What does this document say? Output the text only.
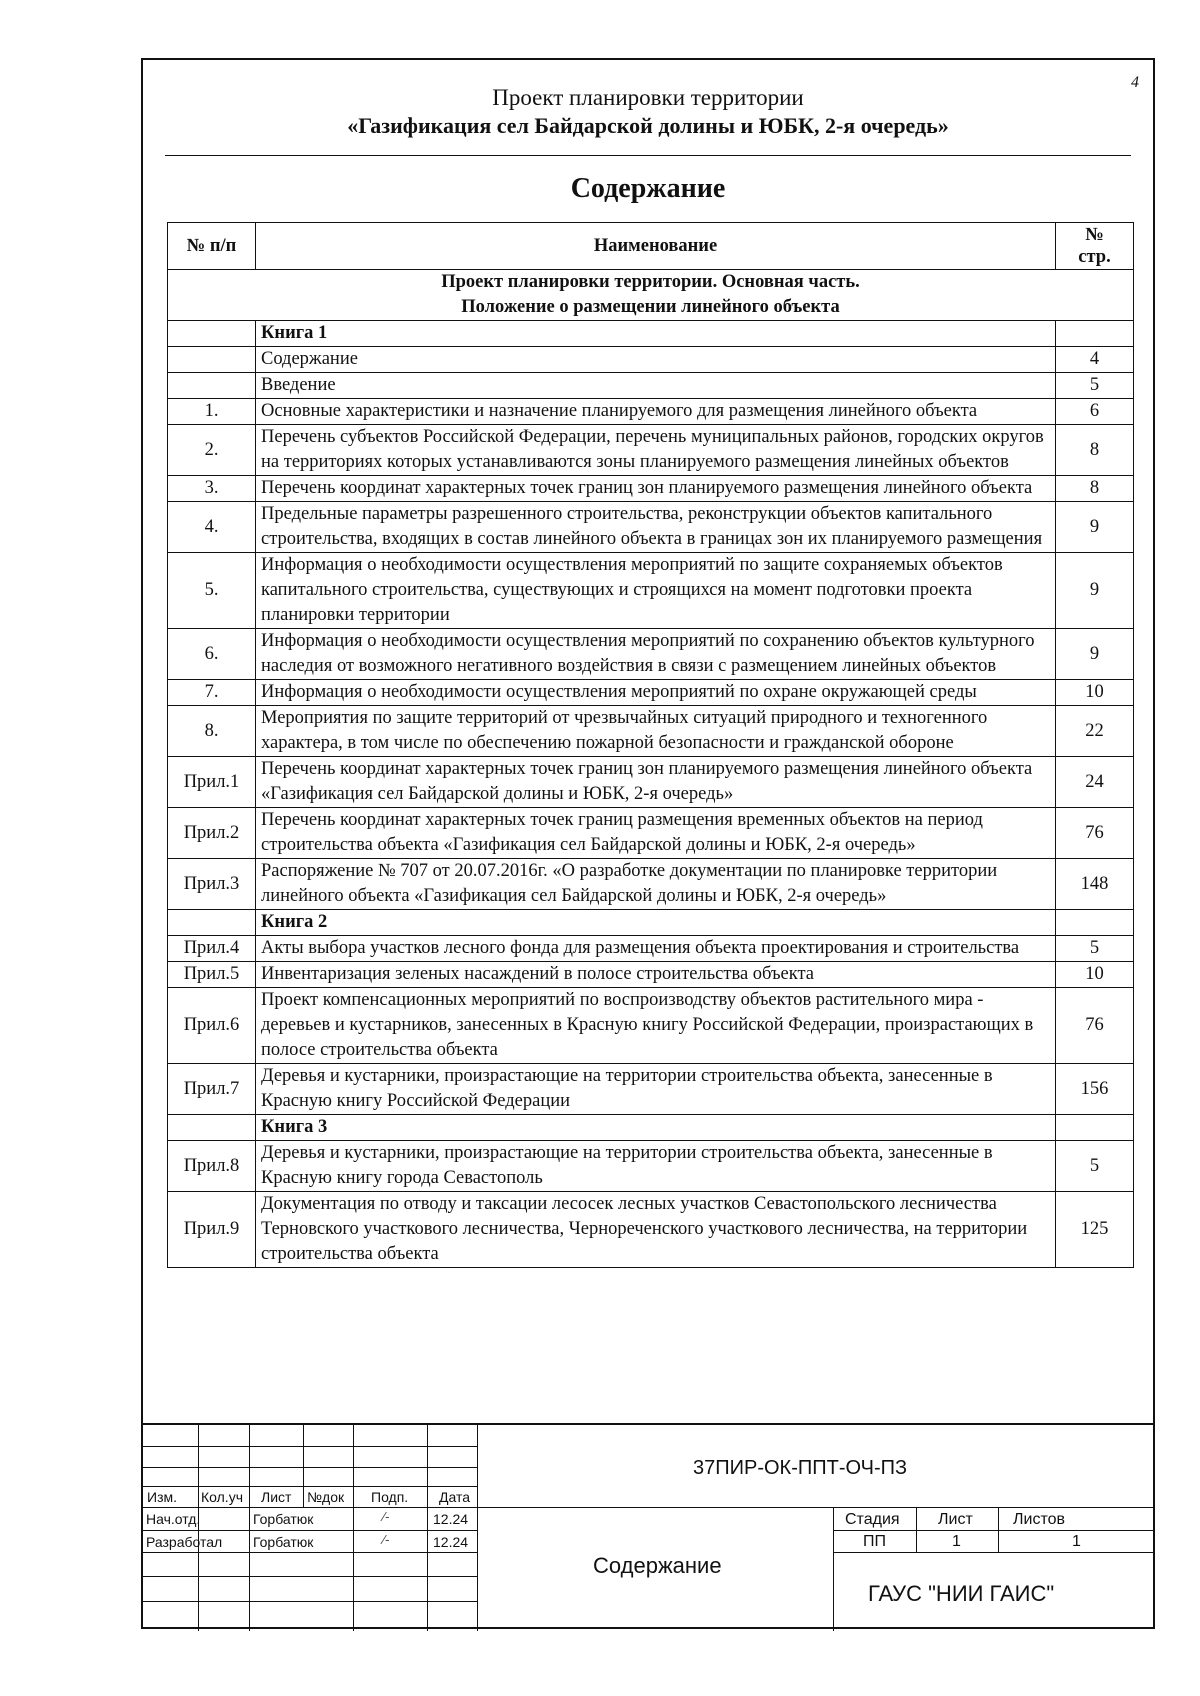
4
Проект планировки территории
«Газификация сел Байдарской долины и ЮБК, 2-я очередь»
Содержание
№ п/п	Наименование	№
стр.

Проект планировки территории. Основная часть.
Положение о размещении линейного объекта		

	Книга 1	
	Содержание	4
	Введение	5
1.	Основные характеристики и назначение планируемого для размещения линейного объекта	6
2.	Перечень субъектов Российской Федерации, перечень муниципальных районов, городских округов на территориях которых устанавливаются зоны планируемого размещения линейных объектов	8
3.	Перечень координат характерных точек границ зон планируемого размещения линейного объекта	8
4.	Предельные параметры разрешенного строительства, реконструкции объектов капитального строительства, входящих в состав линейного объекта в границах зон их планируемого размещения	9
5.	Информация о необходимости осуществления мероприятий по защите сохраняемых объектов капитального строительства, существующих и строящихся на момент подготовки проекта планировки территории	9
6.	Информация о необходимости осуществления мероприятий по сохранению объектов культурного наследия от возможного негативного воздействия в связи с размещением линейных объектов	9
7.	Информация о необходимости осуществления мероприятий по охране окружающей среды	10
8.	Мероприятия по защите территорий от чрезвычайных ситуаций природного и техногенного характера, в том числе по обеспечению пожарной безопасности и гражданской обороне	22
Прил.1	Перечень координат характерных точек границ зон планируемого размещения линейного объекта «Газификация сел Байдарской долины и ЮБК, 2-я очередь»	24
Прил.2	Перечень координат характерных точек границ размещения временных объектов на период строительства объекта «Газификация сел Байдарской долины и ЮБК, 2-я очередь»	76
Прил.3	Распоряжение № 707 от 20.07.2016г. «О разработке документации по планировке территории линейного объекта «Газификация сел Байдарской долины и ЮБК, 2-я очередь»	148
	Книга 2	
Прил.4	Акты выбора участков лесного фонда для размещения объекта проектирования и строительства	5
Прил.5	Инвентаризация зеленых насаждений в полосе строительства объекта	10
Прил.6	Проект компенсационных мероприятий по воспроизводству объектов растительного мира - деревьев и кустарников, занесенных в Красную книгу Российской Федерации, произрастающих в полосе строительства объекта	76
Прил.7	Деревья и кустарники, произрастающие на территории строительства объекта, занесенные в Красную книгу Российской Федерации	156
	Книга 3	
Прил.8	Деревья и кустарники, произрастающие на территории строительства объекта, занесенные в Красную книгу города Севастополь	5
Прил.9	Документация по отводу и таксации лесосек лесных участков Севастопольского лесничества Терновского участкового лесничества, Чернореченского участкового лесничества, на территории строительства объекта	125
37ПИР-ОК-ППТ-ОЧ-ПЗ
Изм. Кол.уч Лист №док Подп. Дата
Нач.отд.	Горбатюк	⁄-	12.24
Разработал Горбатюк	⁄-	12.24
Содержание
Стадия Лист	Листов
ПП	1	1
ГАУС "НИИ ГАИС"
